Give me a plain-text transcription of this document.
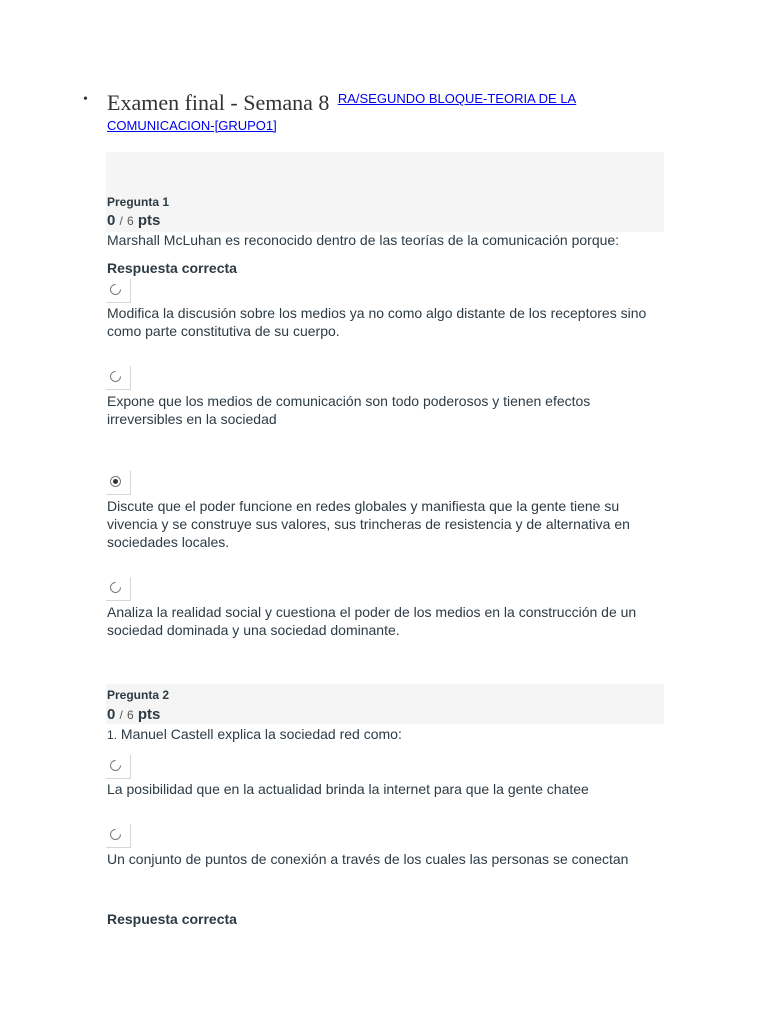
• Examen final - Semana 8 $^{RA/SEGUNDO BLOQUE-TEORIA DE LA}$
COMUNICACION-[GRUPO1]
Pregunta 1
0 / 6 pts
Marshall McLuhan es reconocido dentro de las teorías de la comunicación porque:
Respuesta correcta
Modifica la discusión sobre los medios ya no como algo distante de los receptores sino como parte constitutiva de su cuerpo.
Expone que los medios de comunicación son todo poderosos y tienen efectos irreversibles en la sociedad
Discute que el poder funcione en redes globales y manifiesta que la gente tiene su vivencia y se construye sus valores, sus trincheras de resistencia y de alternativa en sociedades locales.
Analiza la realidad social y cuestiona el poder de los medios en la construcción de un sociedad dominada y una sociedad dominante.
Pregunta 2
0 / 6 pts
1. Manuel Castell explica la sociedad red como:
La posibilidad que en la actualidad brinda la internet para que la gente chatee
Un conjunto de puntos de conexión a través de los cuales las personas se conectan
Respuesta correcta
